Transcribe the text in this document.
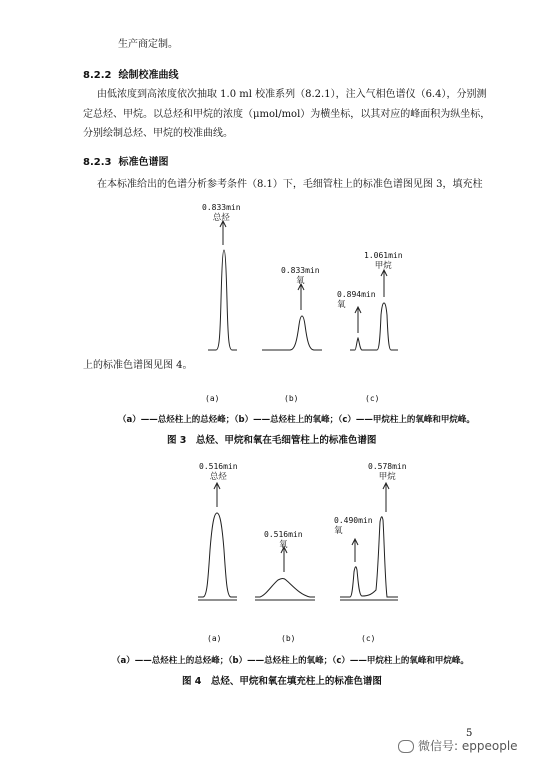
生产商定制。
8.2.2 绘制校准曲线
由低浓度到高浓度依次抽取 1.0 ml 校准系列（8.2.1），注入气相色谱仪（6.4），分别测
定总烃、甲烷。以总烃和甲烷的浓度（μmol/mol）为横坐标，以其对应的峰面积为纵坐标，
分别绘制总烃、甲烷的校准曲线。
8.2.3 标准色谱图
在本标准给出的色谱分析参考条件（8.1）下，毛细管柱上的标准色谱图见图 3，填充柱
上的标准色谱图见图 4。
0.833min
总烃
0.833min
氧
0.894min
氧
1.061min
甲烷
(a)	(b)	(c)
（a）——总烃柱上的总烃峰；（b）——总烃柱上的氧峰；（c）——甲烷柱上的氧峰和甲烷峰。
图 3　总烃、甲烷和氧在毛细管柱上的标准色谱图
0.516min
总烃
0.516min
氧
0.490min
氧
0.578min
甲烷
(a)	(b)	(c)
（a）——总烃柱上的总烃峰；（b）——总烃柱上的氧峰；（c）——甲烷柱上的氧峰和甲烷峰。
图 4　总烃、甲烷和氧在填充柱上的标准色谱图
5
微信号: eppeople
